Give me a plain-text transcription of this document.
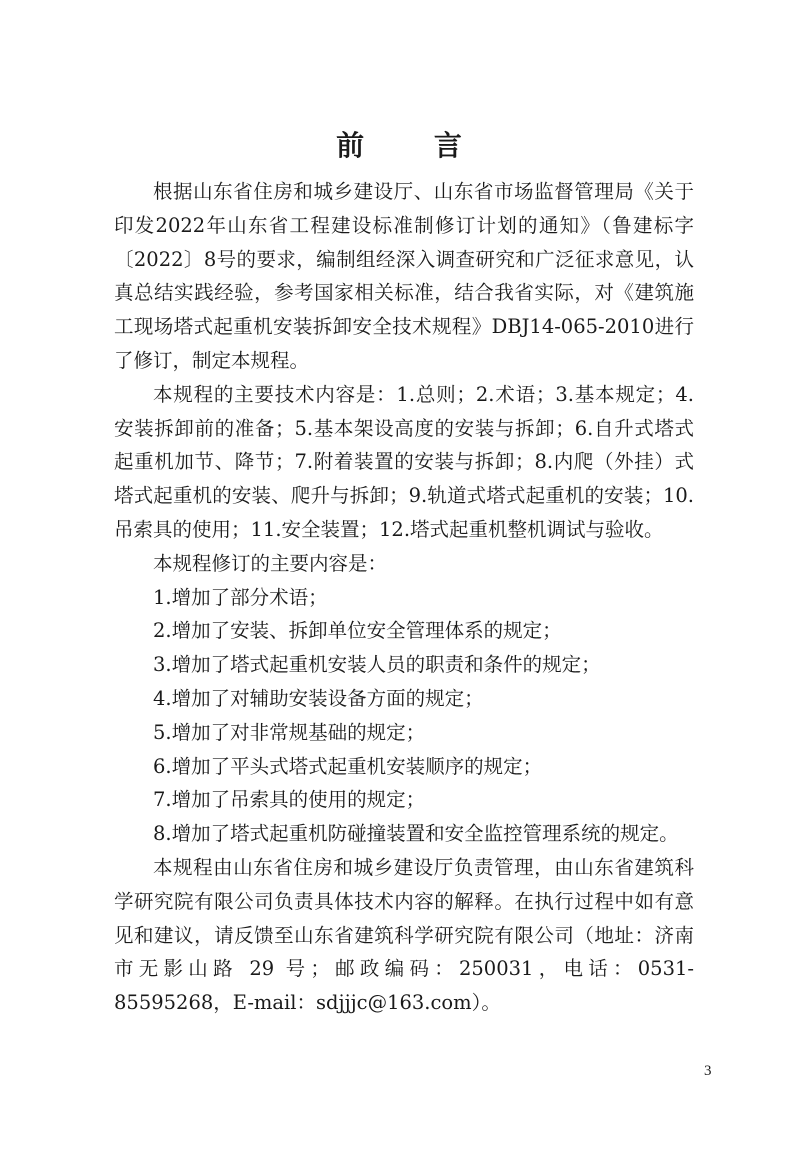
前 言

根据山东省住房和城乡建设厅、山东省市场监督管理局《关于印发2022年山东省工程建设标准制修订计划的通知》（鲁建标字〔2022〕8号的要求，编制组经深入调查研究和广泛征求意见，认真总结实践经验，参考国家相关标准，结合我省实际，对《建筑施工现场塔式起重机安装拆卸安全技术规程》DBJ14-065-2010进行了修订，制定本规程。

本规程的主要技术内容是：1.总则；2.术语；3.基本规定；4.安装拆卸前的准备；5.基本架设高度的安装与拆卸；6.自升式塔式起重机加节、降节；7.附着装置的安装与拆卸；8.内爬（外挂）式塔式起重机的安装、爬升与拆卸；9.轨道式塔式起重机的安装；10.吊索具的使用；11.安全装置；12.塔式起重机整机调试与验收。

本规程修订的主要内容是：

1.增加了部分术语；

2.增加了安装、拆卸单位安全管理体系的规定；

3.增加了塔式起重机安装人员的职责和条件的规定；

4.增加了对辅助安装设备方面的规定；

5.增加了对非常规基础的规定；

6.增加了平头式塔式起重机安装顺序的规定；

7.增加了吊索具的使用的规定；

8.增加了塔式起重机防碰撞装置和安全监控管理系统的规定。

本规程由山东省住房和城乡建设厅负责管理，由山东省建筑科学研究院有限公司负责具体技术内容的解释。在执行过程中如有意见和建议，请反馈至山东省建筑科学研究院有限公司（地址：济南市无影山路 29 号；邮政编码：250031，电话：0531-85595268，E-mail：sdjjjc@163.com）。

3
